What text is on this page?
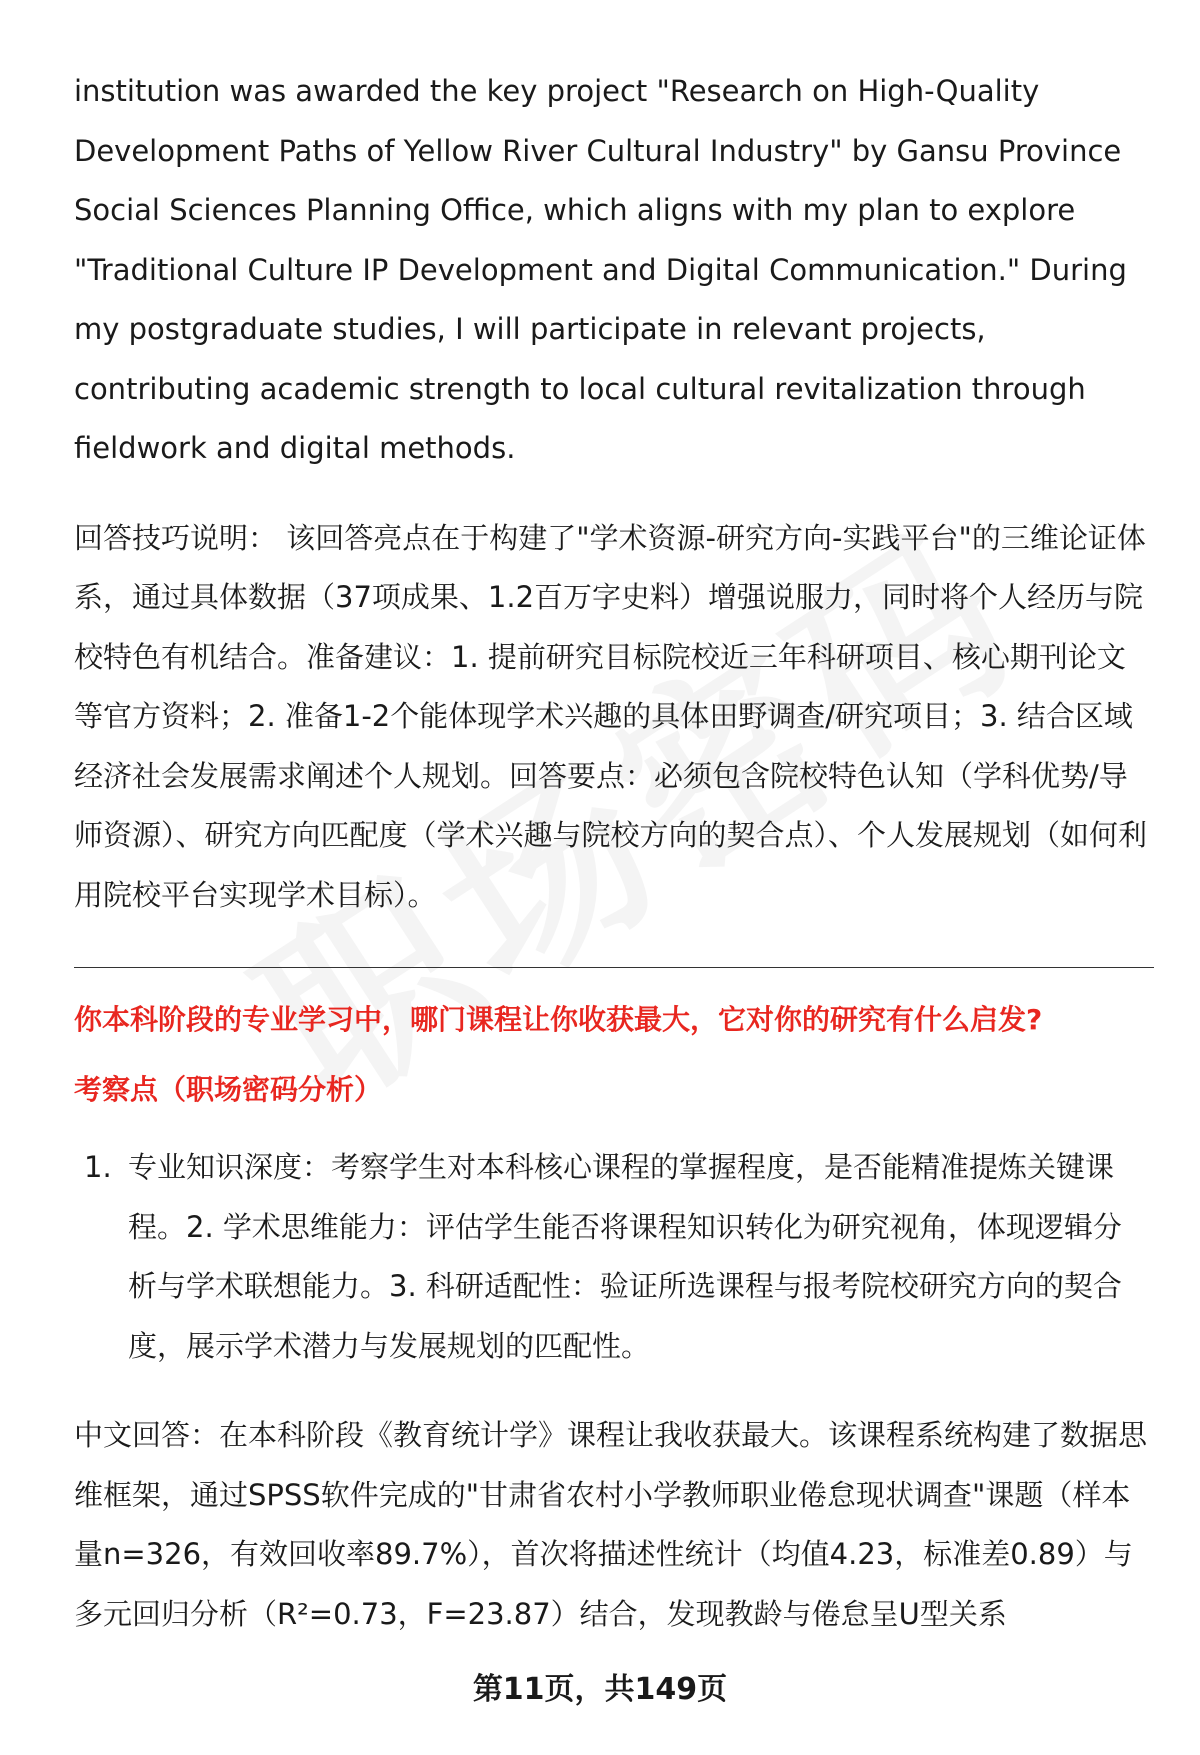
institution was awarded the key project "Research on High-Quality Development Paths of Yellow River Cultural Industry" by Gansu Province Social Sciences Planning Office, which aligns with my plan to explore "Traditional Culture IP Development and Digital Communication." During my postgraduate studies, I will participate in relevant projects, contributing academic strength to local cultural revitalization through fieldwork and digital methods.

回答技巧说明： 该回答亮点在于构建了"学术资源-研究方向-实践平台"的三维论证体系，通过具体数据（37项成果、1.2百万字史料）增强说服力，同时将个人经历与院校特色有机结合。准备建议：1. 提前研究目标院校近三年科研项目、核心期刊论文等官方资料；2. 准备1-2个能体现学术兴趣的具体田野调查/研究项目；3. 结合区域经济社会发展需求阐述个人规划。回答要点：必须包含院校特色认知（学科优势/导师资源）、研究方向匹配度（学术兴趣与院校方向的契合点）、个人发展规划（如何利用院校平台实现学术目标）。

你本科阶段的专业学习中，哪门课程让你收获最大，它对你的研究有什么启发?

考察点（职场密码分析）

1. 专业知识深度：考察学生对本科核心课程的掌握程度，是否能精准提炼关键课程。2. 学术思维能力：评估学生能否将课程知识转化为研究视角，体现逻辑分析与学术联想能力。3. 科研适配性：验证所选课程与报考院校研究方向的契合度，展示学术潜力与发展规划的匹配性。

中文回答：在本科阶段《教育统计学》课程让我收获最大。该课程系统构建了数据思维框架，通过SPSS软件完成的"甘肃省农村小学教师职业倦怠现状调查"课题（样本量n=326，有效回收率89.7%），首次将描述性统计（均值4.23，标准差0.89）与多元回归分析（R²=0.73，F=23.87）结合，发现教龄与倦怠呈U型关系

第11页，共149页
